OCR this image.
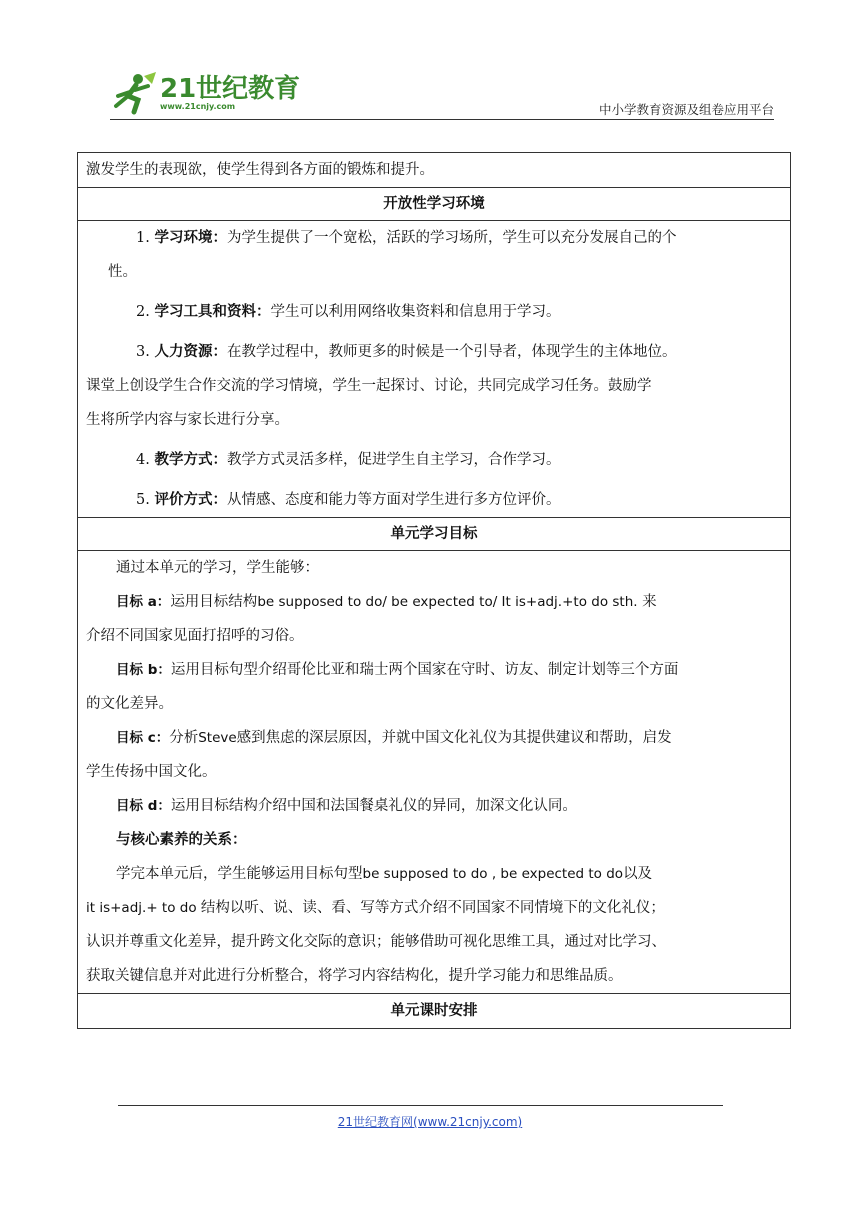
21世纪教育
www.21cnjy.com	中小学教育资源及组卷应用平台
激发学生的表现欲，使学生得到各方面的锻炼和提升。

开放性学习环境

1. 学习环境：为学生提供了一个宽松，活跃的学习场所，学生可以充分发展自己的个
性。
2. 学习工具和资料：学生可以利用网络收集资料和信息用于学习。
3. 人力资源：在教学过程中，教师更多的时候是一个引导者，体现学生的主体地位。
课堂上创设学生合作交流的学习情境，学生一起探讨、讨论，共同完成学习任务。鼓励学
生将所学内容与家长进行分享。
4. 教学方式：教学方式灵活多样，促进学生自主学习，合作学习。
5. 评价方式：从情感、态度和能力等方面对学生进行多方位评价。

单元学习目标

通过本单元的学习，学生能够：
目标 a：运用目标结构be supposed to do/ be expected to/ It is+adj.+to do sth. 来
介绍不同国家见面打招呼的习俗。
目标 b：运用目标句型介绍哥伦比亚和瑞士两个国家在守时、访友、制定计划等三个方面
的文化差异。
目标 c：分析Steve感到焦虑的深层原因，并就中国文化礼仪为其提供建议和帮助，启发
学生传扬中国文化。
目标 d：运用目标结构介绍中国和法国餐桌礼仪的异同，加深文化认同。
与核心素养的关系：
学完本单元后，学生能够运用目标句型be supposed to do , be expected to do以及
it is+adj.+ to do 结构以听、说、读、看、写等方式介绍不同国家不同情境下的文化礼仪；
认识并尊重文化差异，提升跨文化交际的意识；能够借助可视化思维工具，通过对比学习、
获取关键信息并对此进行分析整合，将学习内容结构化，提升学习能力和思维品质。

单元课时安排
21世纪教育网(www.21cnjy.com)
